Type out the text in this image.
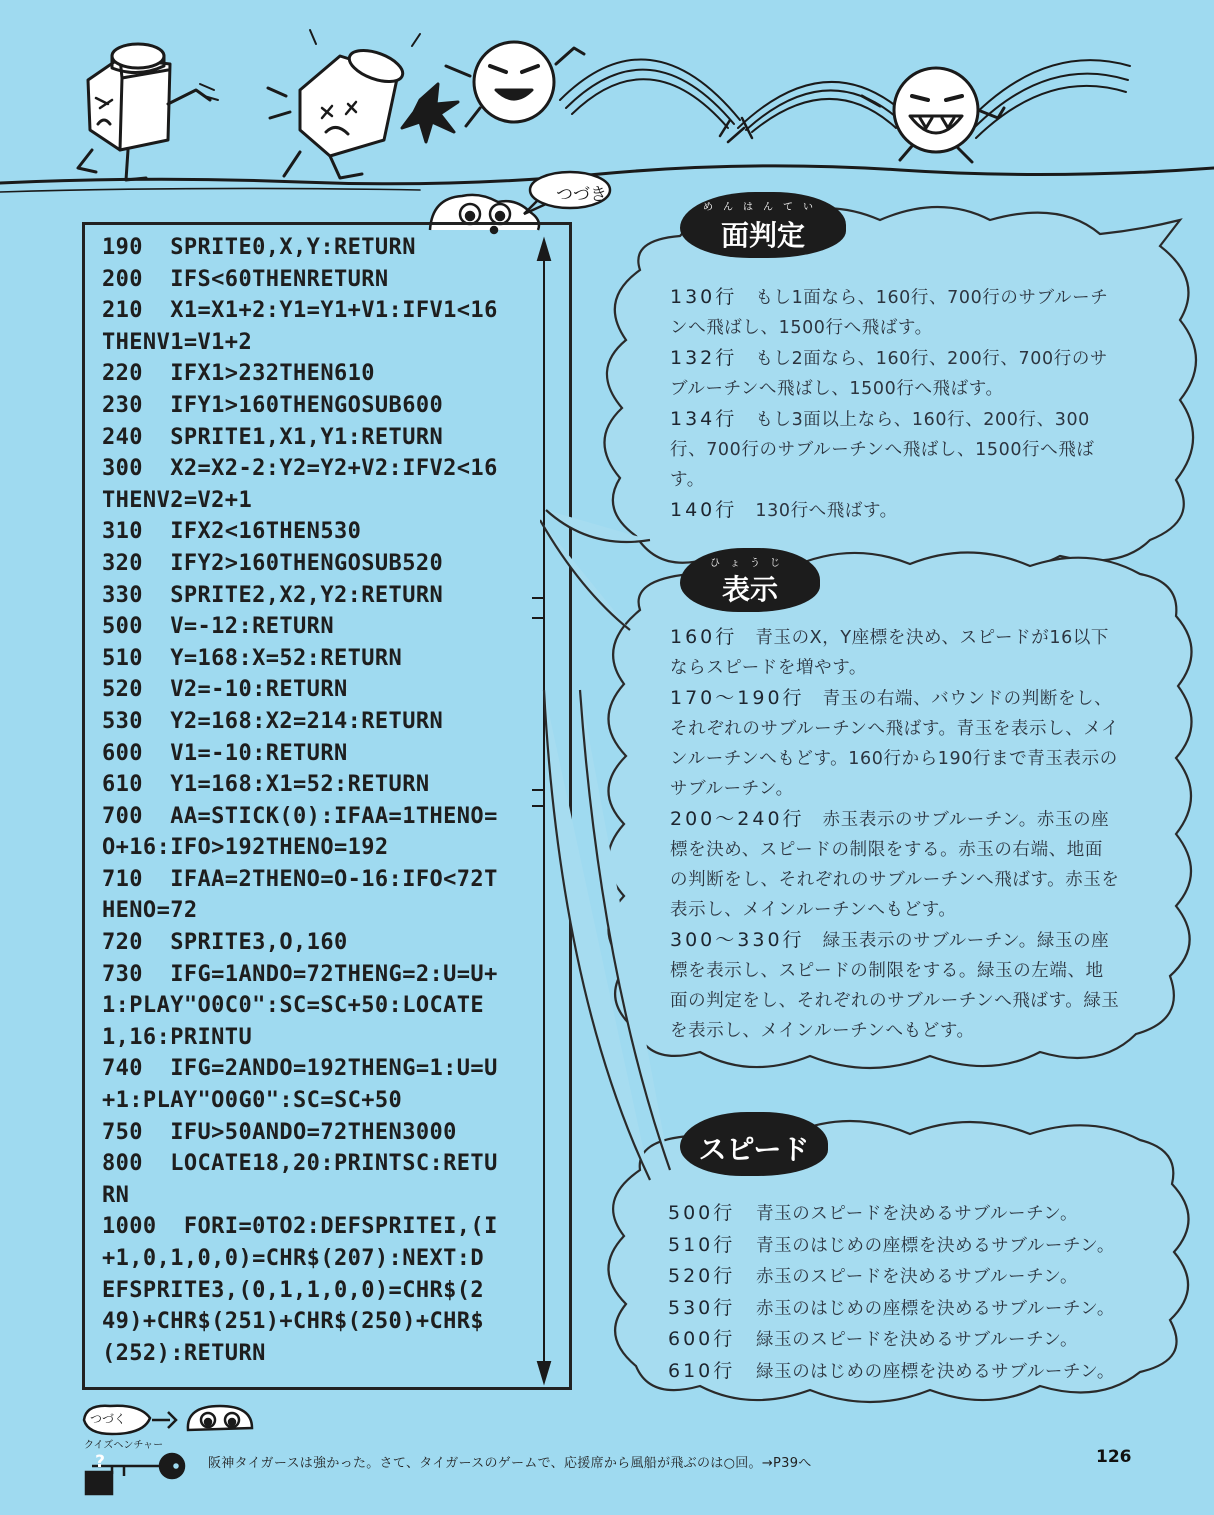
つづき
190  SPRITE0,X,Y:RETURN
200  IFS<60THENRETURN
210  X1=X1+2:Y1=Y1+V1:IFV1<16
THENV1=V1+2
220  IFX1>232THEN610
230  IFY1>160THENGOSUB600
240  SPRITE1,X1,Y1:RETURN
300  X2=X2-2:Y2=Y2+V2:IFV2<16
THENV2=V2+1
310  IFX2<16THEN530
320  IFY2>160THENGOSUB520
330  SPRITE2,X2,Y2:RETURN
500  V=-12:RETURN
510  Y=168:X=52:RETURN
520  V2=-10:RETURN
530  Y2=168:X2=214:RETURN
600  V1=-10:RETURN
610  Y1=168:X1=52:RETURN
700  AA=STICK(0):IFAA=1THENO=
O+16:IFO>192THENO=192
710  IFAA=2THENO=O-16:IFO<72T
HENO=72
720  SPRITE3,O,160
730  IFG=1ANDO=72THENG=2:U=U+
1:PLAY"O0C0":SC=SC+50:LOCATE
1,16:PRINTU
740  IFG=2ANDO=192THENG=1:U=U
+1:PLAY"O0G0":SC=SC+50
750  IFU>50ANDO=72THEN3000
800  LOCATE18,20:PRINTSC:RETU
RN
1000  FORI=0TO2:DEFSPRITEI,(I
+1,0,1,0,0)=CHR$(207):NEXT:D
EFSPRITE3,(0,1,1,0,0)=CHR$(2
49)+CHR$(251)+CHR$(250)+CHR$
(252):RETURN
めんはんてい
面判定

130行　 もし1面なら、160行、700行のサブルーチンへ飛ばし、1500行へ飛ばす。

132行　 もし2面なら、160行、200行、700行のサブルーチンへ飛ばし、1500行へ飛ばす。

134行　 もし3面以上なら、160行、200行、300行、700行のサブルーチンへ飛ばし、1500行へ飛ばす。

140行　 130行へ飛ばす。

ひょうじ
表示

160行　 青玉のX，Y座標を決め、スピードが16以下ならスピードを増やす。

170〜190行　 青玉の右端、バウンドの判断をし、それぞれのサブルーチンへ飛ばす。青玉を表示し、メインルーチンへもどす。160行から190行まで青玉表示のサブルーチン。

200〜240行　 赤玉表示のサブルーチン。赤玉の座標を決め、スピードの制限をする。赤玉の右端、地面の判断をし、それぞれのサブルーチンへ飛ばす。赤玉を表示し、メインルーチンへもどす。

300〜330行　 緑玉表示のサブルーチン。緑玉の座標を表示し、スピードの制限をする。緑玉の左端、地面の判定をし、それぞれのサブルーチンへ飛ばす。緑玉を表示し、メインルーチンへもどす。

スピード
500行 青玉のスピードを決めるサブルーチン。
510行 青玉のはじめの座標を決めるサブルーチン。
520行 赤玉のスピードを決めるサブルーチン。
530行 赤玉のはじめの座標を決めるサブルーチン。
600行 緑玉のスピードを決めるサブルーチン。
610行 緑玉のはじめの座標を決めるサブルーチン。
つづく
?
クイズヘンチャー
阪神タイガースは強かった。さて、タイガースのゲームで、応援席から風船が飛ぶのは○回。→P39へ	126
